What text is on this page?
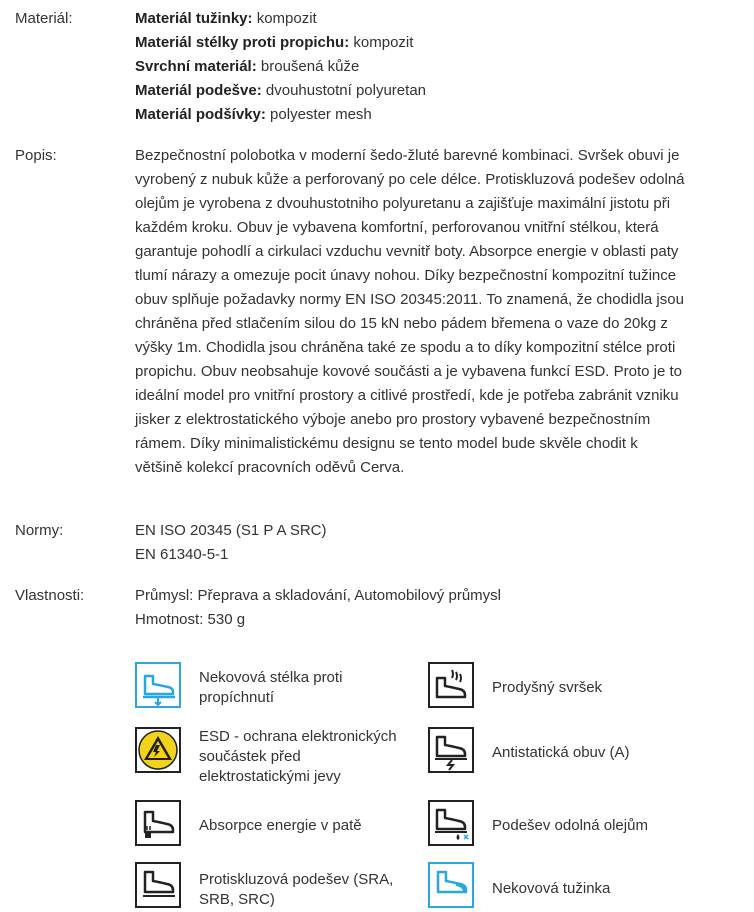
Materiál:	Materiál tužinky: kompozit
Materiál stélky proti propichu: kompozit
Svrchní materiál: broušená kůže
Materiál podešve: dvouhustotní polyuretan
Materiál podšívky: polyester mesh
Popis:	Bezpečnostní polobotka v moderní šedo-žluté barevné kombinaci. Svršek obuvi je vyrobený z nubuk kůže a perforovaný po cele délce. Protiskluzová podešev odolná olejům je vyrobena z dvouhustotniho polyuretanu a zajišťuje maximální jistotu při každém kroku. Obuv je vybavena komfortní, perforovanou vnitřní stélkou, která garantuje pohodlí a cirkulaci vzduchu vevnitř boty. Absorpce energie v oblasti paty tlumí nárazy a omezuje pocit únavy nohou. Díky bezpečnostní kompozitní tužince obuv splňuje požadavky normy EN ISO 20345:2011. To znamená, že chodidla jsou chráněna před stlačením silou do 15 kN nebo pádem břemena o vaze do 20kg z výšky 1m. Chodidla jsou chráněna také ze spodu a to díky kompozitní stélce proti propichu. Obuv neobsahuje kovové součásti a je vybavena funkcí ESD. Proto je to ideální model pro vnitřní prostory a citlivé prostředí, kde je potřeba zabránit vzniku jisker z elektrostatického výboje anebo pro prostory vybavené bezpečnostním rámem. Díky minimalistickému designu se tento model bude skvěle chodit k většině kolekcí pracovních oděvů Cerva.
Normy:	EN ISO 20345 (S1 P A SRC)
EN 61340-5-1
Vlastnosti:	Průmysl: Přeprava a skladování, Automobilový průmysl
Hmotnost: 530 g
Nekovová stélka proti propíchnutí
Prodyšný svršek
ESD - ochrana elektronických součástek před elektrostatickými jevy
Antistatická obuv (A)
Absorpce energie v patě	Podešev odolná olejům
Protiskluzová podešev (SRA, SRB, SRC)
Nekovová tužinka
